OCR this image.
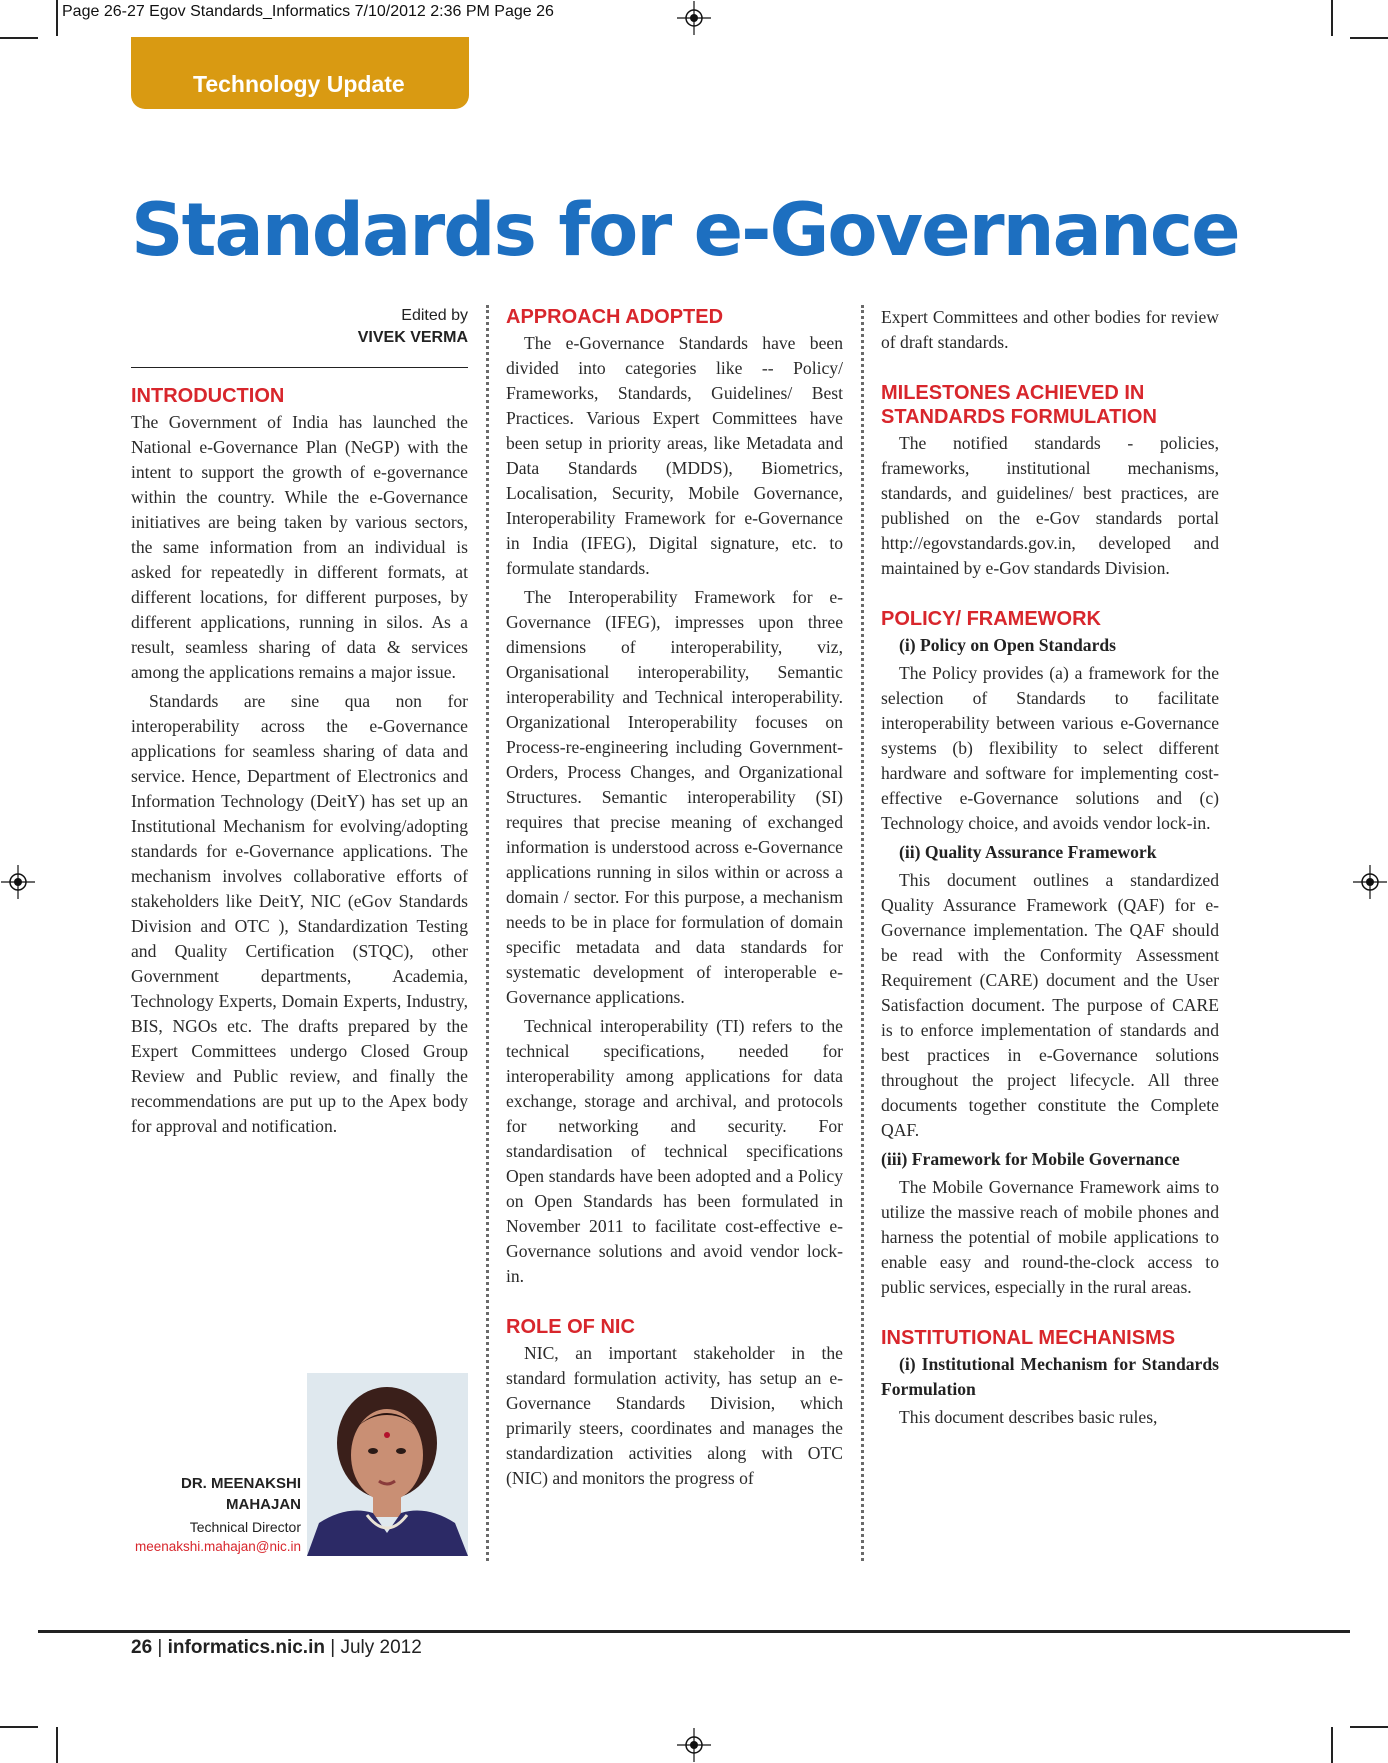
Page 26-27 Egov Standards_Informatics 7/10/2012 2:36 PM Page 26
Technology Update
Standards for e-Governance
Edited by
VIVEK VERMA
INTRODUCTION

The Government of India has launched the National e-Governance Plan (NeGP) with the intent to support the growth of e-governance within the country. While the e-Governance initiatives are being taken by various sectors, the same information from an individual is asked for repeatedly in different formats, at different locations, for different purposes, by different applications, running in silos. As a result, seamless sharing of data & services among the applications remains a major issue.

Standards are sine qua non for interoperability across the e-Governance applications for seamless sharing of data and service. Hence, Department of Electronics and Information Technology (DeitY) has set up an Institutional Mechanism for evolving/adopting standards for e-Governance applications. The mechanism involves collaborative efforts of stakeholders like DeitY, NIC (eGov Standards Division and OTC ), Standardization Testing and Quality Certification (STQC), other Government departments, Academia, Technology Experts, Domain Experts, Industry, BIS, NGOs etc. The drafts prepared by the Expert Committees undergo Closed Group Review and Public review, and finally the recommendations are put up to the Apex body for approval and notification.

DR. MEENAKSHI
MAHAJAN
Technical Director
meenakshi.mahajan@nic.in
APPROACH ADOPTED

The e-Governance Standards have been divided into categories like -- Policy/ Frameworks, Standards, Guidelines/ Best Practices. Various Expert Committees have been setup in priority areas, like Metadata and Data Standards (MDDS), Biometrics, Localisation, Security, Mobile Governance, Interoperability Framework for e-Governance in India (IFEG), Digital signature, etc. to formulate standards.

The Interoperability Framework for e-Governance (IFEG), impresses upon three dimensions of interoperability, viz, Organisational interoperability, Semantic interoperability and Technical interoperability. Organizational Interoperability focuses on Process-re-engineering including Government-Orders, Process Changes, and Organizational Structures. Semantic interoperability (SI) requires that precise meaning of exchanged information is understood across e-Governance applications running in silos within or across a domain / sector. For this purpose, a mechanism needs to be in place for formulation of domain specific metadata and data standards for systematic development of interoperable e-Governance applications.

Technical interoperability (TI) refers to the technical specifications, needed for interoperability among applications for data exchange, storage and archival, and protocols for networking and security. For standardisation of technical specifications Open standards have been adopted and a Policy on Open Standards has been formulated in November 2011 to facilitate cost-effective e-Governance solutions and avoid vendor lock-in.

ROLE OF NIC

NIC, an important stakeholder in the standard formulation activity, has setup an e-Governance Standards Division, which primarily steers, coordinates and manages the standardization activities along with OTC (NIC) and monitors the progress of

Expert Committees and other bodies for review of draft standards.

MILESTONES ACHIEVED IN STANDARDS FORMULATION

The notified standards - policies, frameworks, institutional mechanisms, standards, and guidelines/ best practices, are published on the e-Gov standards portal http://egovstandards.gov.in, developed and maintained by e-Gov standards Division.

POLICY/ FRAMEWORK
(i) Policy on Open Standards

The Policy provides (a) a framework for the selection of Standards to facilitate interoperability between various e-Governance systems (b) flexibility to select different hardware and software for implementing cost-effective e-Governance solutions and (c) Technology choice, and avoids vendor lock-in.

(ii) Quality Assurance Framework

This document outlines a standardized Quality Assurance Framework (QAF) for e-Governance implementation. The QAF should be read with the Conformity Assessment Requirement (CARE) document and the User Satisfaction document. The purpose of CARE is to enforce implementation of standards and best practices in e-Governance solutions throughout the project lifecycle. All three documents together constitute the Complete QAF.

(iii) Framework for Mobile Governance

The Mobile Governance Framework aims to utilize the massive reach of mobile phones and harness the potential of mobile applications to enable easy and round-the-clock access to public services, especially in the rural areas.

INSTITUTIONAL MECHANISMS
(i) Institutional Mechanism for Standards Formulation

This document describes basic rules,

26 | informatics.nic.in | July 2012
